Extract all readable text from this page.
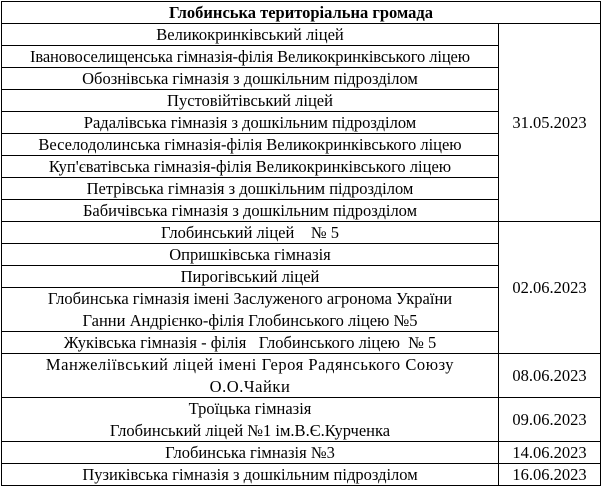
Глобинська територіальна громада	
Великокринківський ліцей	31.05.2023
Івановоселищенська гімназія-філія Великокринківського ліцею	
Обознівська гімназія з дошкільним підрозділом	
Пустовійтівський ліцей	
Радалівська гімназія з дошкільним підрозділом	
Веселодолинська гімназія-філія Великокринківського ліцею	
Куп'єватівська гімназія-філія Великокринківського ліцею	
Петрівська гімназія з дошкільним підрозділом	
Бабичівська гімназія з дошкільним підрозділом	
Глобинський ліцей    № 5	02.06.2023
Опришківська гімназія	
Пирогівський ліцей	

Глобинська гімназія імені Заслуженого агронома України
Ганни Андрієнко-філія Глобинського ліцею №5	

Жуківська гімназія - філія   Глобинського ліцею  № 5	

Манжеліївський ліцей імені Героя Радянського Союзу
О.О.Чайки	08.06.2023

Троїцька гімназія
Глобинський ліцей №1 ім.В.Є.Курченка	09.06.2023
Глобинська гімназія №3	14.06.2023
Пузиківська гімназія з дошкільним підрозділом	16.06.2023
